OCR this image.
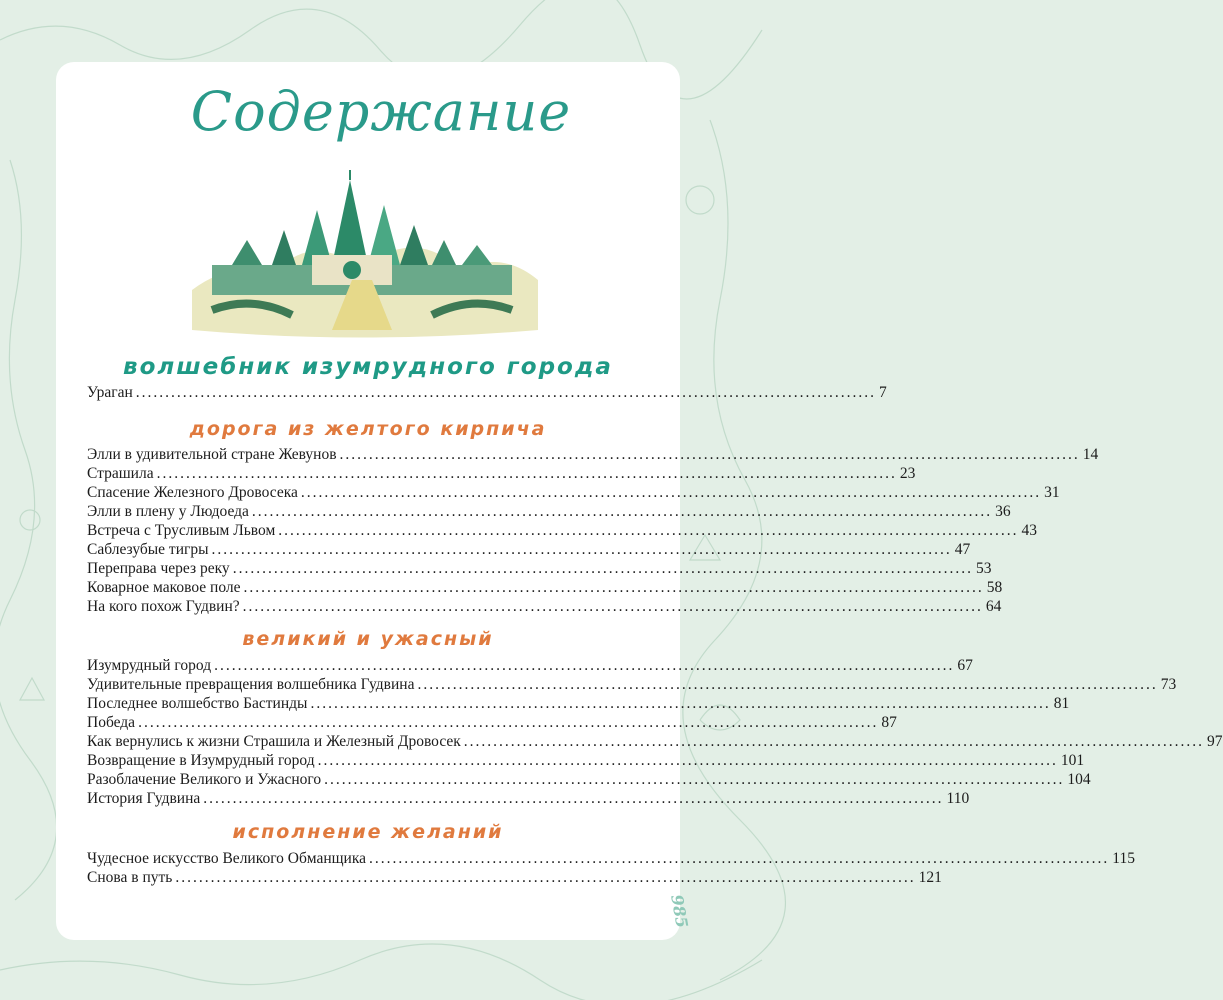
Содержание
волшебник изумрудного города
Ураган .............................................................................................................................. 7
дорога из желтого кирпича
Элли в удивительной стране Жевунов .............................................................................................................................. 14
Страшила .............................................................................................................................. 23
Спасение Железного Дровосека .............................................................................................................................. 31
Элли в плену у Людоеда .............................................................................................................................. 36
Встреча с Трусливым Львом .............................................................................................................................. 43
Саблезубые тигры .............................................................................................................................. 47
Переправа через реку .............................................................................................................................. 53
Коварное маковое поле .............................................................................................................................. 58
На кого похож Гудвин? .............................................................................................................................. 64
великий и ужасный
Изумрудный город .............................................................................................................................. 67
Удивительные превращения волшебника Гудвина .............................................................................................................................. 73
Последнее волшебство Бастинды .............................................................................................................................. 81
Победа .............................................................................................................................. 87
Как вернулись к жизни Страшила и Железный Дровосек .............................................................................................................................. 97
Возвращение в Изумрудный город .............................................................................................................................. 101
Разоблачение Великого и Ужасного .............................................................................................................................. 104
История Гудвина .............................................................................................................................. 110
исполнение желаний
Чудесное искусство Великого Обманщика .............................................................................................................................. 115
Снова в путь .............................................................................................................................. 121
985
